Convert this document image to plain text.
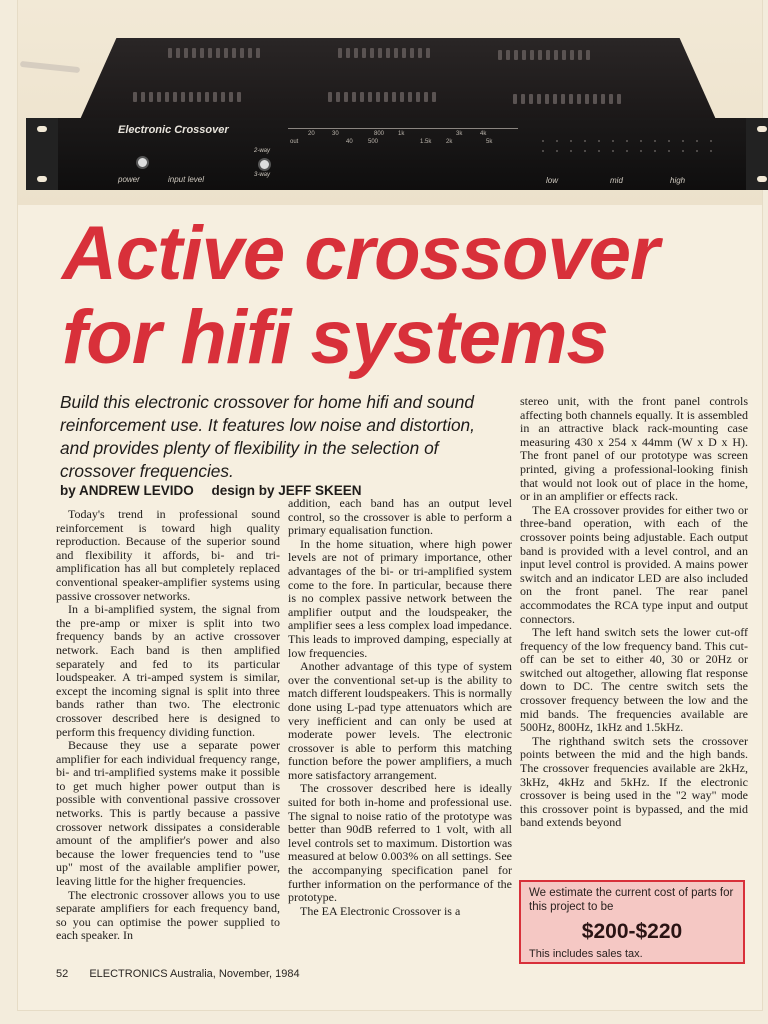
Electronic Crossover
power	input level
2-way
3-way
20	30
40
800
500
1k
1.5k 2k
3k	4k
5k
out
low	mid	high
Active crossover
for hifi systems

Build this electronic crossover for home hifi and sound reinforcement use. It features low noise and distortion, and provides plenty of flexibility in the selection of crossover frequencies.

by ANDREW LEVIDO design by JEFF SKEEN

Today's trend in professional sound reinforcement is toward high quality reproduction. Because of the superior sound and flexibility it affords, bi- and tri-amplification has all but completely replaced conventional speaker-amplifier systems using passive crossover networks.

In a bi-amplified system, the signal from the pre-amp or mixer is split into two frequency bands by an active crossover network. Each band is then amplified separately and fed to its particular loudspeaker. A tri-amped system is similar, except the incoming signal is split into three bands rather than two. The electronic crossover described here is designed to perform this frequency dividing function.

Because they use a separate power amplifier for each individual frequency range, bi- and tri-amplified systems make it possible to get much higher power output than is possible with conventional passive crossover networks. This is partly because a passive crossover network dissipates a considerable amount of the amplifier's power and also because the lower frequencies tend to "use up" most of the available amplifier power, leaving little for the higher frequencies.

The electronic crossover allows you to use separate amplifiers for each frequency band, so you can optimise the power supplied to each speaker. In

addition, each band has an output level control, so the crossover is able to perform a primary equalisation function.

In the home situation, where high power levels are not of primary importance, other advantages of the bi- or tri-amplified system come to the fore. In particular, because there is no complex passive network between the amplifier output and the loudspeaker, the amplifier sees a less complex load impedance. This leads to improved damping, especially at low frequencies.

Another advantage of this type of system over the conventional set-up is the ability to match different loudspeakers. This is normally done using L-pad type attenuators which are very inefficient and can only be used at moderate power levels. The electronic crossover is able to perform this matching function before the power amplifiers, a much more satisfactory arrangement.

The crossover described here is ideally suited for both in-home and professional use. The signal to noise ratio of the prototype was better than 90dB referred to 1 volt, with all level controls set to maximum. Distortion was measured at below 0.003% on all settings. See the accompanying specification panel for further information on the performance of the prototype.

The EA Electronic Crossover is a

stereo unit, with the front panel controls affecting both channels equally. It is assembled in an attractive black rack-mounting case measuring 430 x 254 x 44mm (W x D x H). The front panel of our prototype was screen printed, giving a professional-looking finish that would not look out of place in the home, or in an amplifier or effects rack.

The EA crossover provides for either two or three-band operation, with each of the crossover points being adjustable. Each output band is provided with a level control, and an input level control is provided. A mains power switch and an indicator LED are also included on the front panel. The rear panel accommodates the RCA type input and output connectors.

The left hand switch sets the lower cut-off frequency of the low frequency band. This cut-off can be set to either 40, 30 or 20Hz or switched out altogether, allowing flat response down to DC. The centre switch sets the crossover frequency between the low and the mid bands. The frequencies available are 500Hz, 800Hz, 1kHz and 1.5kHz.

The righthand switch sets the crossover points between the mid and the high bands. The crossover frequencies available are 2kHz, 3kHz, 4kHz and 5kHz. If the electronic crossover is being used in the "2 way" mode this crossover point is bypassed, and the mid band extends beyond

We estimate the current cost of parts for this project to be
$200-$220
This includes sales tax.
52 ELECTRONICS Australia, November, 1984
